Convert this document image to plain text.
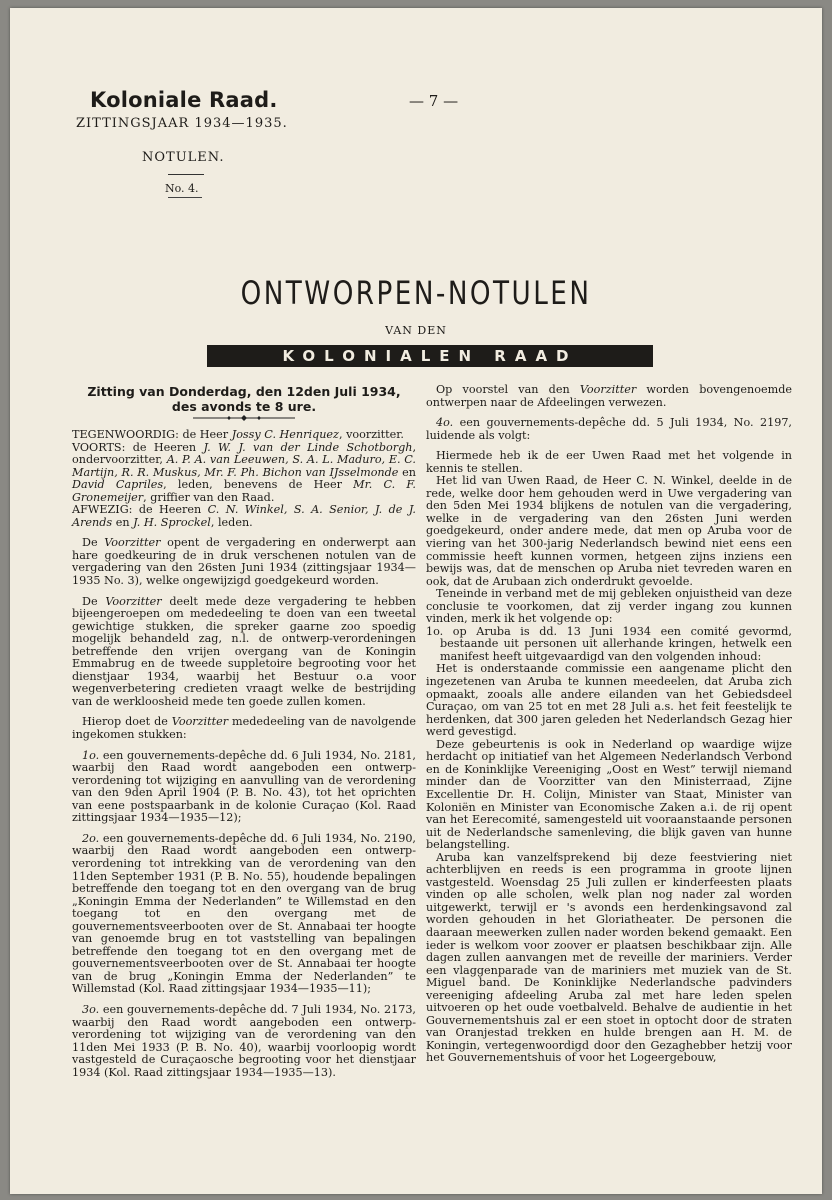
Koloniale Raad.
ZITTINGSJAAR 1934—1935.
— 7 —
NOTULEN.
No. 4.
ONTWORPEN-NOTULEN
VAN DEN
KOLONIALEN RAAD
Zitting van Donderdag, den 12den Juli 1934,
des avonds te 8 ure.

TEGENWOORDIG: de Heer Jossy C. Henriquez, voorzitter.

VOORTS: de Heeren J. W. J. van der Linde Schotborgh, ondervoorzitter, A. P. A. van Leeuwen, S. A. L. Maduro, E. C. Martijn, R. R. Muskus, Mr. F. Ph. Bichon van IJsselmonde en David Capriles, leden, benevens de Heer Mr. C. F. Gronemeijer, griffier van den Raad.

AFWEZIG: de Heeren C. N. Winkel, S. A. Senior, J. de J. Arends en J. H. Sprockel, leden.

De Voorzitter opent de vergadering en onderwerpt aan hare goedkeuring de in druk verschenen notulen van de vergadering van den 26sten Juni 1934 (zittingsjaar 1934—1935 No. 3), welke ongewijzigd goedgekeurd worden.

De Voorzitter deelt mede deze vergadering te hebben bijeengeroepen om mededeeling te doen van een tweetal gewichtige stukken, die spreker gaarne zoo spoedig mogelijk behandeld zag, n.l. de ontwerp-verordeningen betreffende den vrijen overgang van de Koningin Emmabrug en de tweede suppletoire begrooting voor het dienstjaar 1934, waarbij het Bestuur o.a voor wegenverbetering credieten vraagt welke de bestrijding van de werkloosheid mede ten goede zullen komen.

Hierop doet de Voorzitter mededeeling van de navolgende ingekomen stukken:

1o. een gouvernements-depêche dd. 6 Juli 1934, No. 2181, waarbij den Raad wordt aangeboden een ontwerp-verordening tot wijziging en aanvulling van de verordening van den 9den April 1904 (P. B. No. 43), tot het oprichten van eene postspaarbank in de kolonie Curaçao (Kol. Raad zittingsjaar 1934—1935—12);

2o. een gouvernements-depêche dd. 6 Juli 1934, No. 2190, waarbij den Raad wordt aangeboden een ontwerp-verordening tot intrekking van de verordening van den 11den September 1931 (P. B. No. 55), houdende bepalingen betreffende den toegang tot en den overgang van de brug „Koningin Emma der Nederlanden” te Willemstad en den toegang tot en den overgang met de gouvernementsveerbooten over de St. Annabaai ter hoogte van genoemde brug en tot vaststelling van bepalingen betreffende den toegang tot en den overgang met de gouvernementsveerbooten over de St. Annabaai ter hoogte van de brug „Koningin Emma der Nederlanden” te Willemstad (Kol. Raad zittingsjaar 1934—1935—11);

3o. een gouvernements-depêche dd. 7 Juli 1934, No. 2173, waarbij den Raad wordt aangeboden een ontwerp-verordening tot wijziging van de verordening van den 11den Mei 1933 (P. B. No. 40), waarbij voorloopig wordt vastgesteld de Curaçaosche begrooting voor het dienstjaar 1934 (Kol. Raad zittingsjaar 1934—1935—13).

Op voorstel van den Voorzitter worden bovengenoemde ontwerpen naar de Afdeelingen verwezen.

4o. een gouvernements-depêche dd. 5 Juli 1934, No. 2197, luidende als volgt:

Hiermede heb ik de eer Uwen Raad met het volgende in kennis te stellen.

Het lid van Uwen Raad, de Heer C. N. Winkel, deelde in de rede, welke door hem gehouden werd in Uwe vergadering van den 5den Mei 1934 blijkens de notulen van die vergadering, welke in de vergadering van den 26sten Juni werden goedgekeurd, onder andere mede, dat men op Aruba voor de viering van het 300-jarig Nederlandsch bewind niet eens een commissie heeft kunnen vormen, hetgeen zijns inziens een bewijs was, dat de menschen op Aruba niet tevreden waren en ook, dat de Arubaan zich onderdrukt gevoelde.

Teneinde in verband met de mij gebleken onjuistheid van deze conclusie te voorkomen, dat zij verder ingang zou kunnen vinden, merk ik het volgende op:

1o. op Aruba is dd. 13 Juni 1934 een comité gevormd, bestaande uit personen uit allerhande kringen, hetwelk een manifest heeft uitgevaardigd van den volgenden inhoud:

Het is onderstaande commissie een aangename plicht den ingezetenen van Aruba te kunnen meedeelen, dat Aruba zich opmaakt, zooals alle andere eilanden van het Gebiedsdeel Curaçao, om van 25 tot en met 28 Juli a.s. het feit feestelijk te herdenken, dat 300 jaren geleden het Nederlandsch Gezag hier werd gevestigd.

Deze gebeurtenis is ook in Nederland op waardige wijze herdacht op initiatief van het Algemeen Nederlandsch Verbond en de Koninklijke Vereeniging „Oost en West” terwijl niemand minder dan de Voorzitter van den Ministerraad, Zijne Excellentie Dr. H. Colijn, Minister van Staat, Minister van Koloniën en Minister van Economische Zaken a.i. de rij opent van het Eerecomité, samengesteld uit vooraanstaande personen uit de Nederlandsche samenleving, die blijk gaven van hunne belangstelling.

Aruba kan vanzelfsprekend bij deze feestviering niet achterblijven en reeds is een programma in groote lijnen vastgesteld. Woensdag 25 Juli zullen er kinderfeesten plaats vinden op alle scholen, welk plan nog nader zal worden uitgewerkt, terwijl er 's avonds een herdenkingsavond zal worden gehouden in het Gloriatheater. De personen die daaraan meewerken zullen nader worden bekend gemaakt. Een ieder is welkom voor zoover er plaatsen beschikbaar zijn. Alle dagen zullen aanvangen met de reveille der mariniers. Verder een vlaggenparade van de mariniers met muziek van de St. Miguel band. De Koninklijke Nederlandsche padvinders vereeniging afdeeling Aruba zal met hare leden spelen uitvoeren op het oude voetbalveld. Behalve de audientie in het Gouvernementshuis zal er een stoet in optocht door de straten van Oranjestad trekken en hulde brengen aan H. M. de Koningin, vertegenwoordigd door den Gezaghebber hetzij voor het Gouvernementshuis of voor het Logeergebouw,
